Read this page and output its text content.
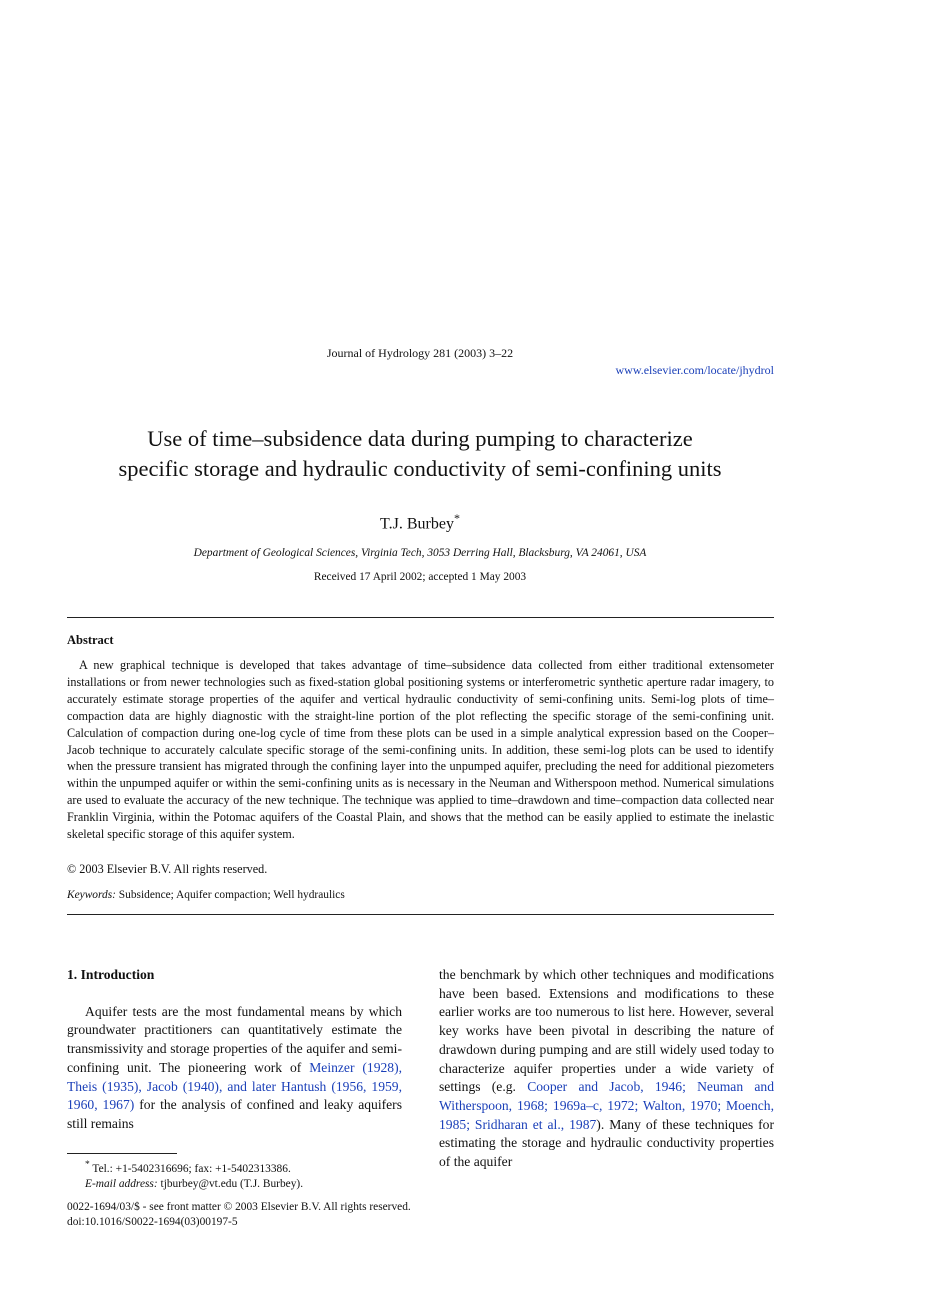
Journal of Hydrology 281 (2003) 3–22
www.elsevier.com/locate/jhydrol
Use of time–subsidence data during pumping to characterize
specific storage and hydraulic conductivity of semi-confining units
T.J. Burbey*
Department of Geological Sciences, Virginia Tech, 3053 Derring Hall, Blacksburg, VA 24061, USA
Received 17 April 2002; accepted 1 May 2003
Abstract

A new graphical technique is developed that takes advantage of time–subsidence data collected from either traditional extensometer installations or from newer technologies such as fixed-station global positioning systems or interferometric synthetic aperture radar imagery, to accurately estimate storage properties of the aquifer and vertical hydraulic conductivity of semi-confining units. Semi-log plots of time–compaction data are highly diagnostic with the straight-line portion of the plot reflecting the specific storage of the semi-confining unit. Calculation of compaction during one-log cycle of time from these plots can be used in a simple analytical expression based on the Cooper–Jacob technique to accurately calculate specific storage of the semi-confining units. In addition, these semi-log plots can be used to identify when the pressure transient has migrated through the confining layer into the unpumped aquifer, precluding the need for additional piezometers within the unpumped aquifer or within the semi-confining units as is necessary in the Neuman and Witherspoon method. Numerical simulations are used to evaluate the accuracy of the new technique. The technique was applied to time–drawdown and time–compaction data collected near Franklin Virginia, within the Potomac aquifers of the Coastal Plain, and shows that the method can be easily applied to estimate the inelastic skeletal specific storage of this aquifer system.

© 2003 Elsevier B.V. All rights reserved.
Keywords: Subsidence; Aquifer compaction; Well hydraulics
1. Introduction

Aquifer tests are the most fundamental means by which groundwater practitioners can quantitatively estimate the transmissivity and storage properties of the aquifer and semi-confining unit. The pioneering work of Meinzer (1928), Theis (1935), Jacob (1940), and later Hantush (1956, 1959, 1960, 1967) for the analysis of confined and leaky aquifers still remains

the benchmark by which other techniques and modifications have been based. Extensions and modifications to these earlier works are too numerous to list here. However, several key works have been pivotal in describing the nature of drawdown during pumping and are still widely used today to characterize aquifer properties under a wide variety of settings (e.g. Cooper and Jacob, 1946; Neuman and Witherspoon, 1968; 1969a–c, 1972; Walton, 1970; Moench, 1985; Sridharan et al., 1987). Many of these techniques for estimating the storage and hydraulic conductivity properties of the aquifer

* Tel.: +1-5402316696; fax: +1-5402313386.
E-mail address: tjburbey@vt.edu (T.J. Burbey).
0022-1694/03/$ - see front matter © 2003 Elsevier B.V. All rights reserved.
doi:10.1016/S0022-1694(03)00197-5
